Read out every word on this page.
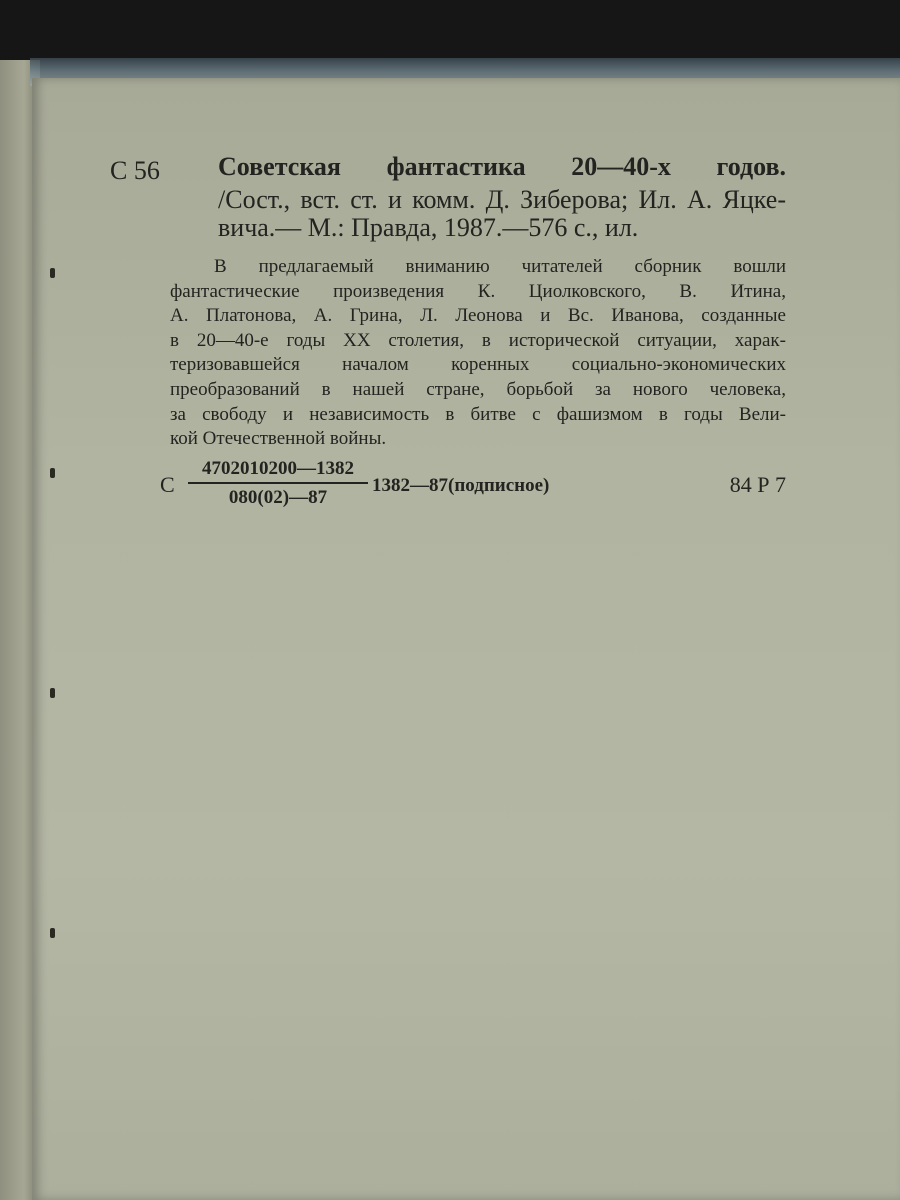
С 56 Советская фантастика 20—40-х годов.
/Сост., вст. ст. и комм. Д. Зиберова; Ил. А. Яцке-
вича.— М.: Правда, 1987.—576 с., ил.
В предлагаемый вниманию читателей сборник вошли
фантастические произведения К. Циолковского, В. Итина,
А. Платонова, А. Грина, Л. Леонова и Вс. Иванова, созданные
в 20—40-е годы XX столетия, в исторической ситуации, харак-
теризовавшейся началом коренных социально-экономических
преобразований в нашей стране, борьбой за нового человека,
за свободу и независимость в битве с фашизмом в годы Вели-
кой Отечественной войны.
С $\frac{4702010200—1382}{080(02)—87}$ 1382—87(подписное)	84 Р 7
